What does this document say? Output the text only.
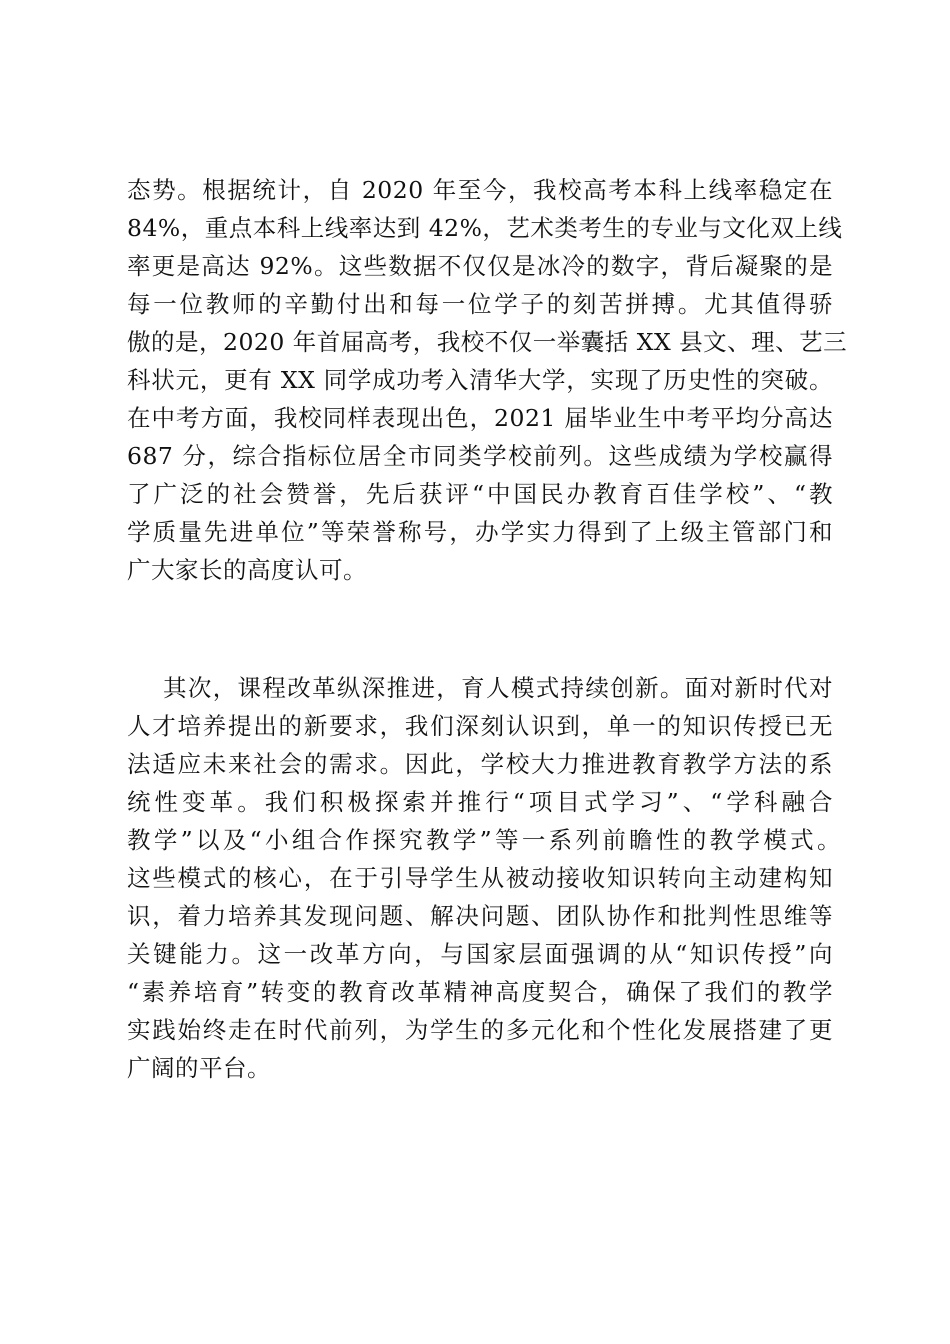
态势。根据统计，自 2020 年至今，我校高考本科上线率稳定在
84%，重点本科上线率达到 42%，艺术类考生的专业与文化双上线
率更是高达 92%。这些数据不仅仅是冰冷的数字，背后凝聚的是
每一位教师的辛勤付出和每一位学子的刻苦拼搏。尤其值得骄
傲的是，2020 年首届高考，我校不仅一举囊括 XX 县文、理、艺三
科状元，更有 XX 同学成功考入清华大学，实现了历史性的突破。
在中考方面，我校同样表现出色，2021 届毕业生中考平均分高达
687 分，综合指标位居全市同类学校前列。这些成绩为学校赢得
了广泛的社会赞誉，先后获评“中国民办教育百佳学校”、“教
学质量先进单位”等荣誉称号，办学实力得到了上级主管部门和
广大家长的高度认可。
其次，课程改革纵深推进，育人模式持续创新。面对新时代对
人才培养提出的新要求，我们深刻认识到，单一的知识传授已无
法适应未来社会的需求。因此，学校大力推进教育教学方法的系
统性变革。我们积极探索并推行“项目式学习”、“学科融合
教学”以及“小组合作探究教学”等一系列前瞻性的教学模式。
这些模式的核心，在于引导学生从被动接收知识转向主动建构知
识，着力培养其发现问题、解决问题、团队协作和批判性思维等
关键能力。这一改革方向，与国家层面强调的从“知识传授”向
“素养培育”转变的教育改革精神高度契合，确保了我们的教学
实践始终走在时代前列，为学生的多元化和个性化发展搭建了更
广阔的平台。
